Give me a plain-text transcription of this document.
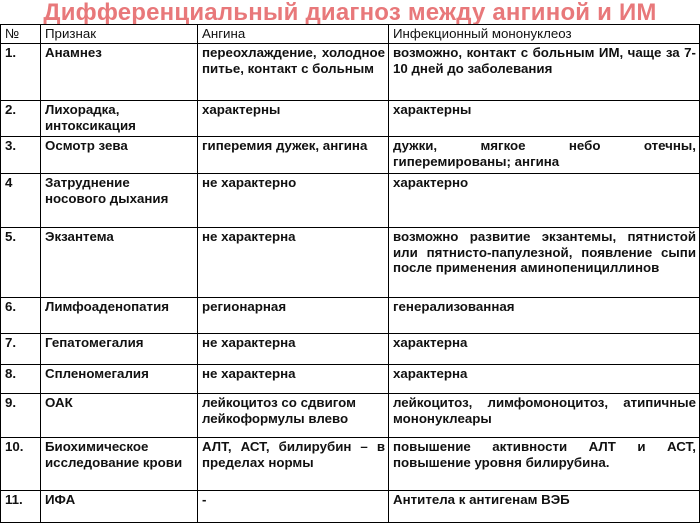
Дифференциальный диагноз между ангиной и ИМ
№	Признак	Ангина	Инфекционный мононуклеоз
1.	Анамнез	переохлаждение, холодное питье, контакт с больным	возможно, контакт с больным ИМ, чаще за 7-10 дней до заболевания
2.	Лихорадка, интоксикация	характерны	характерны
3.	Осмотр зева	гиперемия дужек, ангина	дужки, мягкое небо отечны, гиперемированы; ангина
4	Затруднение носового дыхания	не характерно	характерно
5.	Экзантема	не характерна	возможно развитие экзантемы, пятнистой или пятнисто-папулезной, появление сыпи после применения аминопенициллинов
6.	Лимфоаденопатия	регионарная	генерализованная
7.	Гепатомегалия	не характерна	характерна
8.	Спленомегалия	не характерна	характерна
9.	ОАК	лейкоцитоз со сдвигом лейкоформулы влево	лейкоцитоз, лимфомоноцитоз, атипичные мононуклеары
10.	Биохимическое исследование крови	АЛТ, АСТ, билирубин – в пределах нормы	повышение активности АЛТ и АСТ, повышение уровня билирубина.
11.	ИФА	-	Антитела к антигенам ВЭБ
